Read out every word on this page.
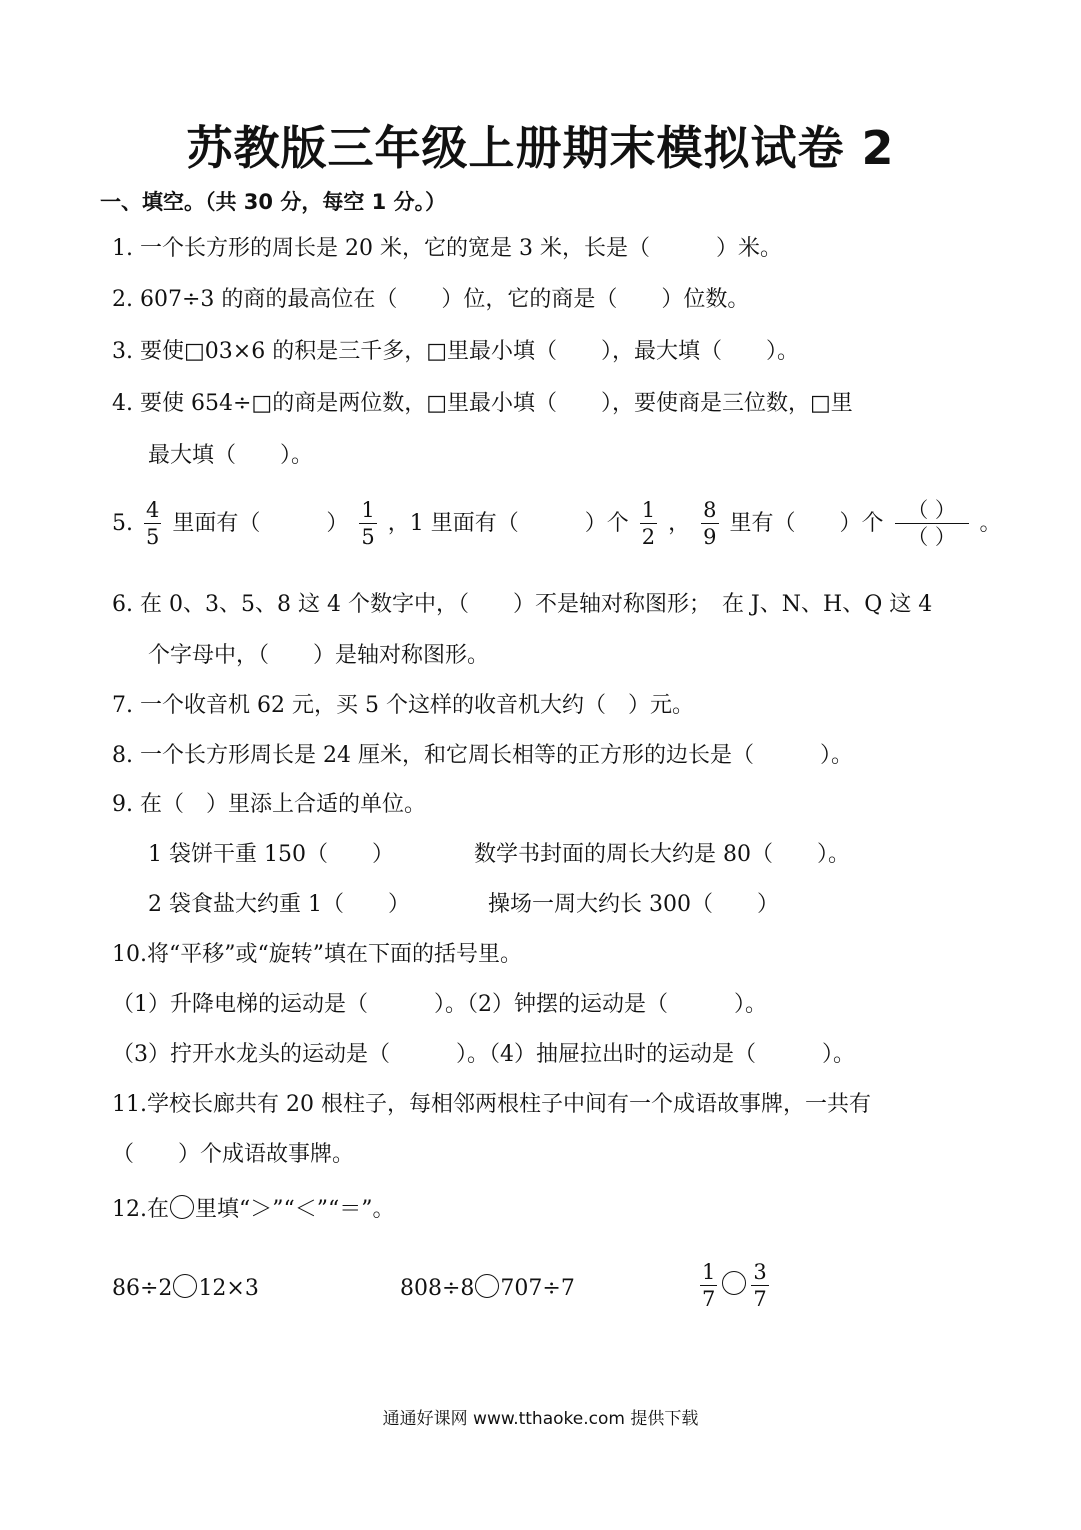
苏教版三年级上册期末模拟试卷 2
一、填空。（共 30 分，每空 1 分。）
1. 一个长方形的周长是 20 米，它的宽是 3 米，长是（　　　）米。
2. 607÷3 的商的最高位在（　　）位，它的商是（　　）位数。
3. 要使□03×6 的积是三千多，□里最小填（　　），最大填（　　）。
4. 要使 654÷□的商是两位数，□里最小填（　　），要使商是三位数，□里
最大填（　　）。
5. $\frac{4}{5}$ 里面有（　　　） $\frac{1}{5}$ ，1 里面有（　　　）个 $\frac{1}{2}$ ， $\frac{8}{9}$ 里有（　　）个 $\frac{( )}{( )}$ 。
6. 在 0、3、5、8 这 4 个数字中，（　　）不是轴对称图形；　在 J、N、H、Q 这 4
个字母中，（　　）是轴对称图形。
7. 一个收音机 62 元，买 5 个这样的收音机大约（　）元。
8. 一个长方形周长是 24 厘米，和它周长相等的正方形的边长是（　　　）。
9. 在（　）里添上合适的单位。
1 袋饼干重 150（　　）	数学书封面的周长大约是 80（　　）。
2 袋食盐大约重 1（　　）	操场一周大约长 300（　　）
10.将“平移”或“旋转”填在下面的括号里。
（1）升降电梯的运动是（　　　）。（2）钟摆的运动是（　　　）。
（3）拧开水龙头的运动是（　　　）。（4）抽屉拉出时的运动是（　　　）。
11.学校长廊共有 20 根柱子，每相邻两根柱子中间有一个成语故事牌，一共有
（　　）个成语故事牌。
12.在 里填“＞”“＜”“＝”。
86÷2 12×3	808÷8 707÷7	$\frac{1}{7} \frac{3}{7}$
通通好课网 www.tthaoke.com 提供下载
